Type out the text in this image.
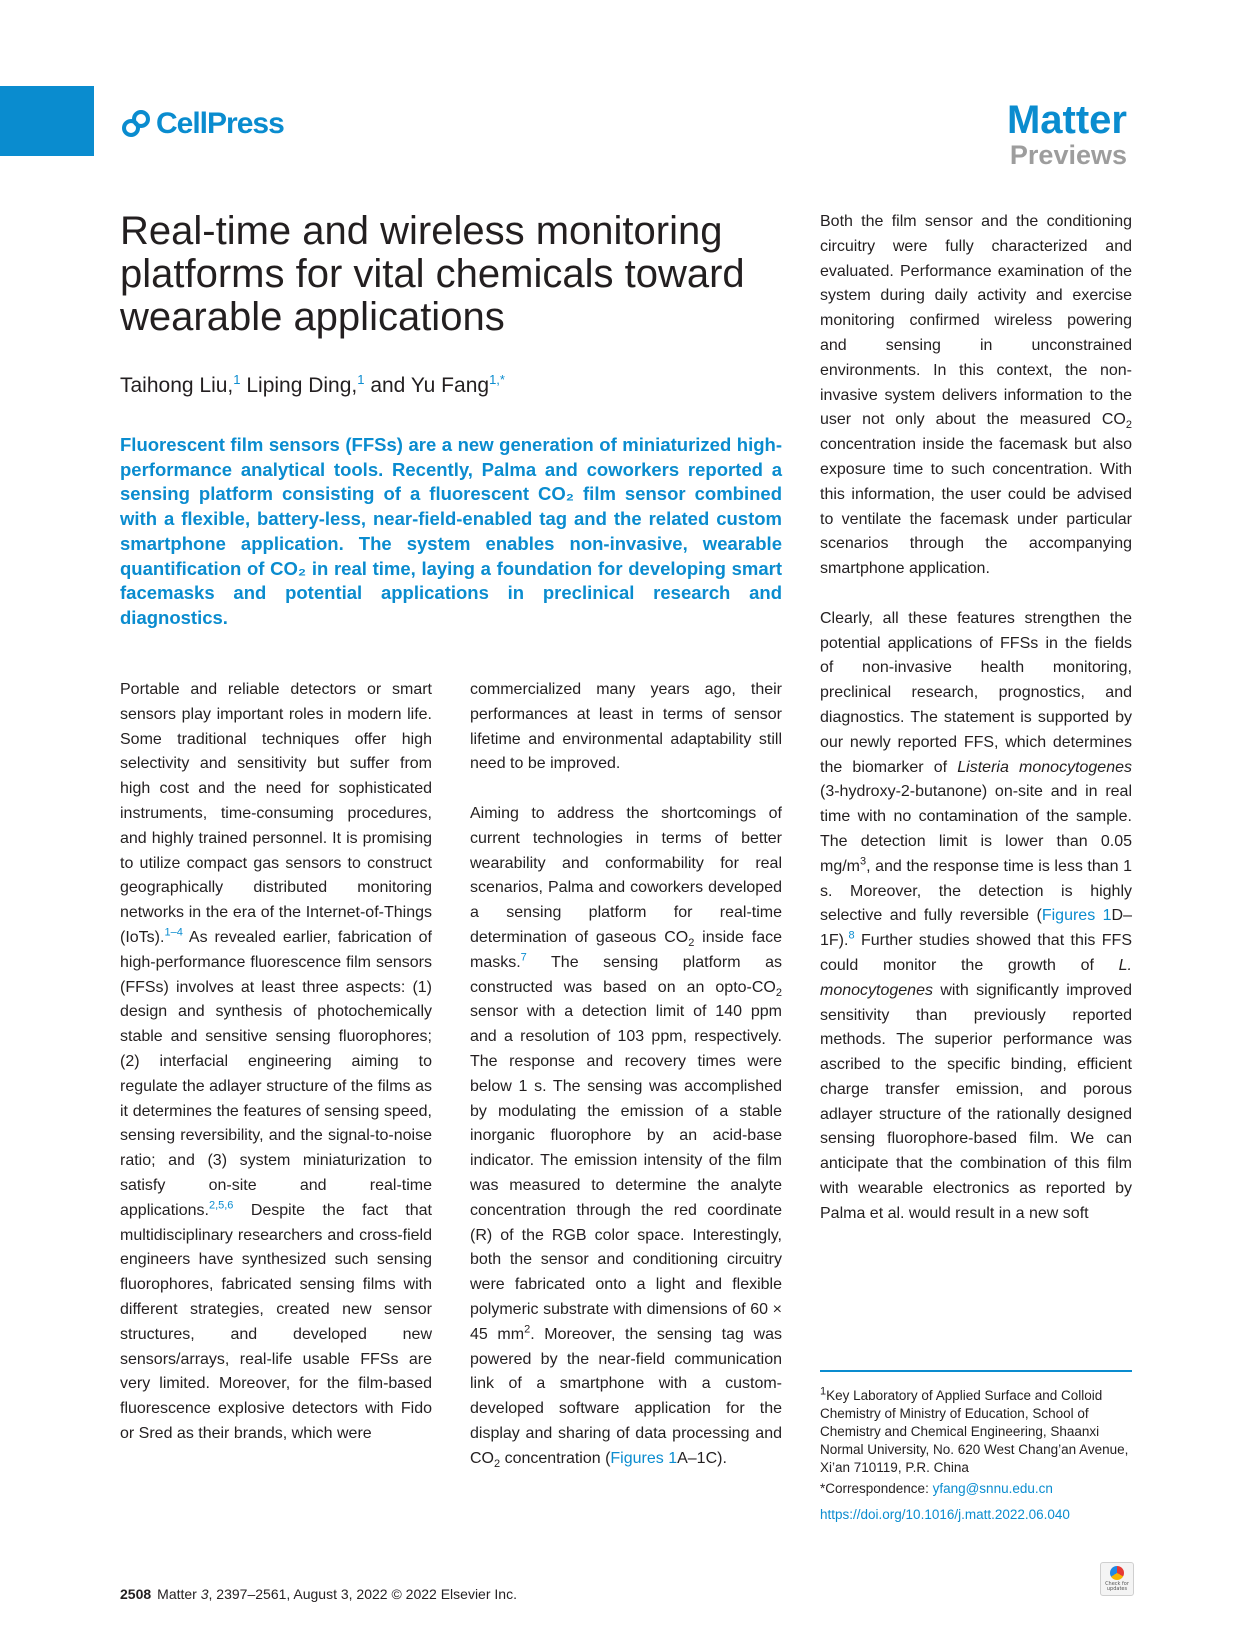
CellPress	Matter
Previews
Real-time and wireless monitoring platforms for vital chemicals toward wearable applications
Taihong Liu,$^1$ Liping Ding,$^1$ and Yu Fang$^{1,*}$
Fluorescent film sensors (FFSs) are a new generation of miniaturized high-performance analytical tools. Recently, Palma and coworkers reported a sensing platform consisting of a fluorescent CO₂ film sensor combined with a flexible, battery-less, near-field-enabled tag and the related custom smartphone application. The system enables non-invasive, wearable quantification of CO₂ in real time, laying a foundation for developing smart facemasks and potential applications in preclinical research and diagnostics.

Portable and reliable detectors or smart sensors play important roles in modern life. Some traditional techniques offer high selectivity and sensitivity but suffer from high cost and the need for sophisticated instruments, time-consuming procedures, and highly trained personnel. It is promising to utilize compact gas sensors to construct geographically distributed monitoring networks in the era of the Internet-of-Things (IoTs).$^{1-4}$ As revealed earlier, fabrication of high-performance fluorescence film sensors (FFSs) involves at least three aspects: (1) design and synthesis of photochemically stable and sensitive sensing fluorophores; (2) interfacial engineering aiming to regulate the adlayer structure of the films as it determines the features of sensing speed, sensing reversibility, and the signal-to-noise ratio; and (3) system miniaturization to satisfy on-site and real-time applications.$^{2,5,6}$ Despite the fact that multidisciplinary researchers and cross-field engineers have synthesized such sensing fluorophores, fabricated sensing films with different strategies, created new sensor structures, and developed new sensors/arrays, real-life usable FFSs are very limited. Moreover, for the film-based fluorescence explosive detectors with Fido or Sred as their brands, which were

commercialized many years ago, their performances at least in terms of sensor lifetime and environmental adaptability still need to be improved.

Aiming to address the shortcomings of current technologies in terms of better wearability and conformability for real scenarios, Palma and coworkers developed a sensing platform for real-time determination of gaseous $CO_2$ inside face masks.$^7$ The sensing platform as constructed was based on an opto-$CO_2$ sensor with a detection limit of 140 ppm and a resolution of 103 ppm, respectively. The response and recovery times were below 1 s. The sensing was accomplished by modulating the emission of a stable inorganic fluorophore by an acid-base indicator. The emission intensity of the film was measured to determine the analyte concentration through the red coordinate (R) of the RGB color space. Interestingly, both the sensor and conditioning circuitry were fabricated onto a light and flexible polymeric substrate with dimensions of 60 × 45 $mm^2$. Moreover, the sensing tag was powered by the near-field communication link of a smartphone with a custom-developed software application for the display and sharing of data processing and $CO_2$ concentration (Figures 1A–1C).

Both the film sensor and the conditioning circuitry were fully characterized and evaluated. Performance examination of the system during daily activity and exercise monitoring confirmed wireless powering and sensing in unconstrained environments. In this context, the non-invasive system delivers information to the user not only about the measured $CO_2$ concentration inside the facemask but also exposure time to such concentration. With this information, the user could be advised to ventilate the facemask under particular scenarios through the accompanying smartphone application.

Clearly, all these features strengthen the potential applications of FFSs in the fields of non-invasive health monitoring, preclinical research, prognostics, and diagnostics. The statement is supported by our newly reported FFS, which determines the biomarker of Listeria monocytogenes (3-hydroxy-2-butanone) on-site and in real time with no contamination of the sample. The detection limit is lower than 0.05 $mg/m^3$, and the response time is less than 1 s. Moreover, the detection is highly selective and fully reversible (Figures 1D–1F).$^8$ Further studies showed that this FFS could monitor the growth of L. monocytogenes with significantly improved sensitivity than previously reported methods. The superior performance was ascribed to the specific binding, efficient charge transfer emission, and porous adlayer structure of the rationally designed sensing fluorophore-based film. We can anticipate that the combination of this film with wearable electronics as reported by Palma et al. would result in a new soft

$^1$Key Laboratory of Applied Surface and Colloid Chemistry of Ministry of Education, School of Chemistry and Chemical Engineering, Shaanxi Normal University, No. 620 West Chang’an Avenue, Xi’an 710119, P.R. China

*Correspondence: yfang@snnu.edu.cn
https://doi.org/10.1016/j.matt.2022.06.040
2508 Matter 3, 2397–2561, August 3, 2022 © 2022 Elsevier Inc.
Check for updates
